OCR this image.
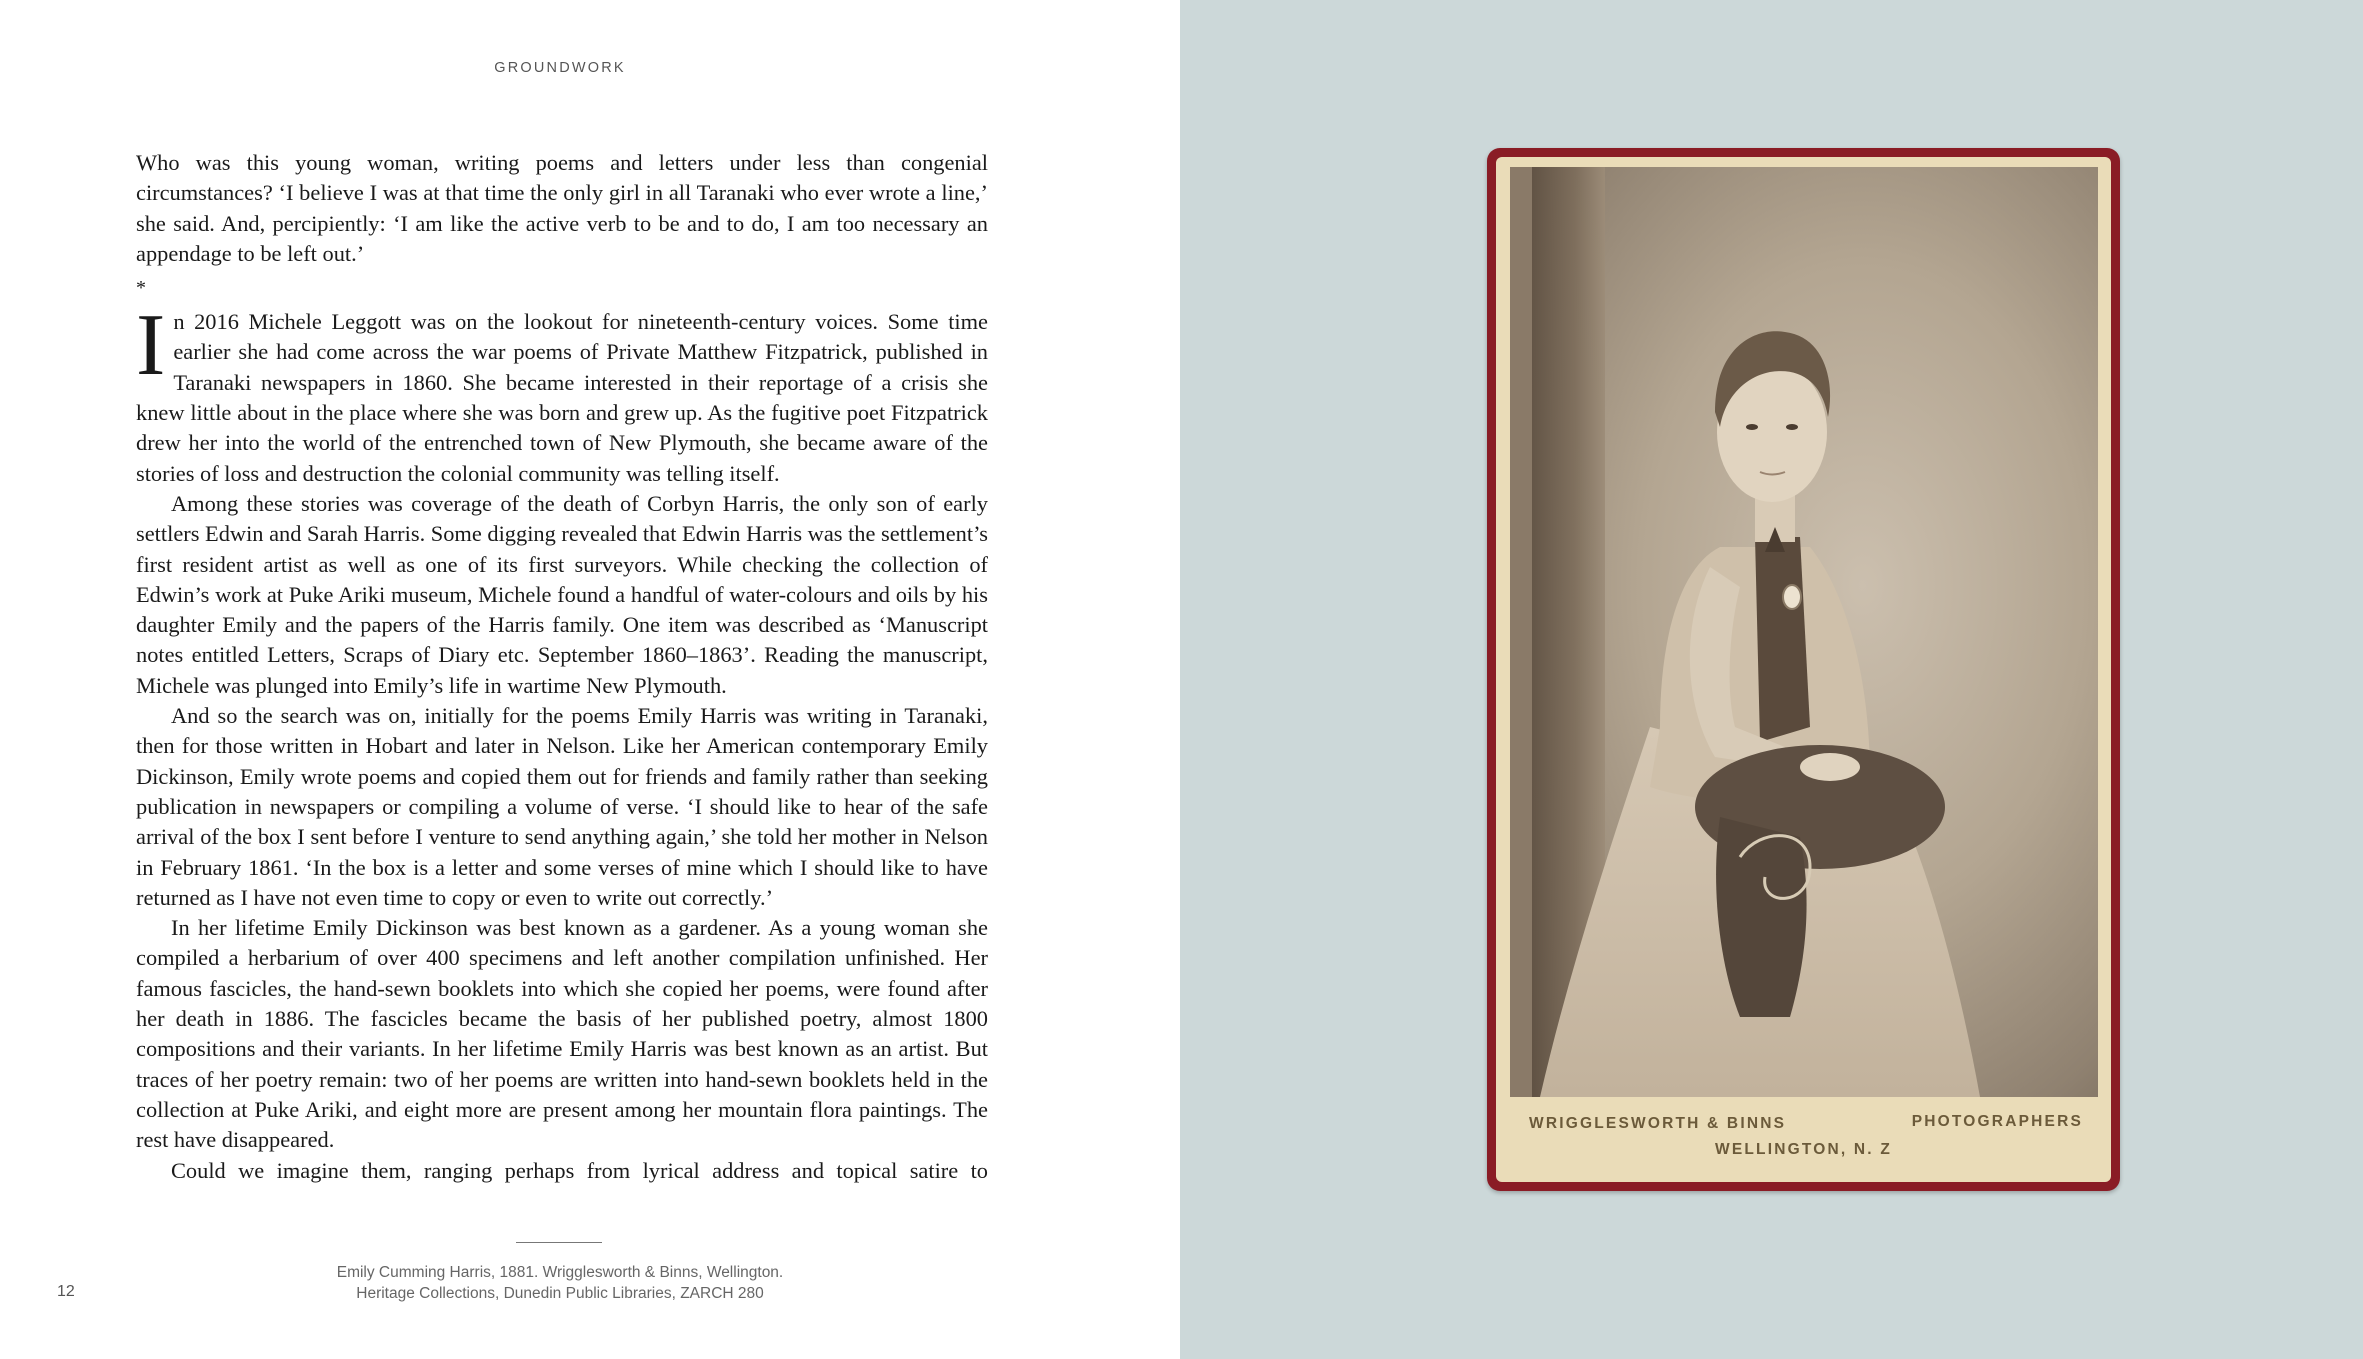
GROUNDWORK

Who was this young woman, writing poems and letters under less than congenial circumstances? ‘I believe I was at that time the only girl in all Taranaki who ever wrote a line,’ she said. And, percipiently: ‘I am like the active verb to be and to do, I am too necessary an appendage to be left out.’

*

In 2016 Michele Leggott was on the lookout for nineteenth-century voices. Some time earlier she had come across the war poems of Private Matthew Fitzpatrick, published in Taranaki newspapers in 1860. She became interested in their reportage of a crisis she knew little about in the place where she was born and grew up. As the fugitive poet Fitzpatrick drew her into the world of the entrenched town of New Plymouth, she became aware of the stories of loss and destruction the colonial community was telling itself.

Among these stories was coverage of the death of Corbyn Harris, the only son of early settlers Edwin and Sarah Harris. Some digging revealed that Edwin Harris was the settlement’s first resident artist as well as one of its first surveyors. While checking the collection of Edwin’s work at Puke Ariki museum, Michele found a handful of water-colours and oils by his daughter Emily and the papers of the Harris family. One item was described as ‘Manuscript notes entitled Letters, Scraps of Diary etc. September 1860–1863’. Reading the manuscript, Michele was plunged into Emily’s life in wartime New Plymouth.

And so the search was on, initially for the poems Emily Harris was writing in Taranaki, then for those written in Hobart and later in Nelson. Like her American contemporary Emily Dickinson, Emily wrote poems and copied them out for friends and family rather than seeking publication in newspapers or compiling a volume of verse. ‘I should like to hear of the safe arrival of the box I sent before I venture to send anything again,’ she told her mother in Nelson in February 1861. ‘In the box is a letter and some verses of mine which I should like to have returned as I have not even time to copy or even to write out correctly.’

In her lifetime Emily Dickinson was best known as a gardener. As a young woman she compiled a herbarium of over 400 specimens and left another compilation unfinished. Her famous fascicles, the hand-sewn booklets into which she copied her poems, were found after her death in 1886. The fascicles became the basis of her published poetry, almost 1800 compositions and their variants. In her lifetime Emily Harris was best known as an artist. But traces of her poetry remain: two of her poems are written into hand-sewn booklets held in the collection at Puke Ariki, and eight more are present among her mountain flora paintings. The rest have disappeared.

Could we imagine them, ranging perhaps from lyrical address and topical satire to

Emily Cumming Harris, 1881. Wrigglesworth & Binns, Wellington.
Heritage Collections, Dunedin Public Libraries, ZARCH 280
12
WRIGGLESWORTH & BINNS	PHOTOGRAPHERS
WELLINGTON, N. Z
